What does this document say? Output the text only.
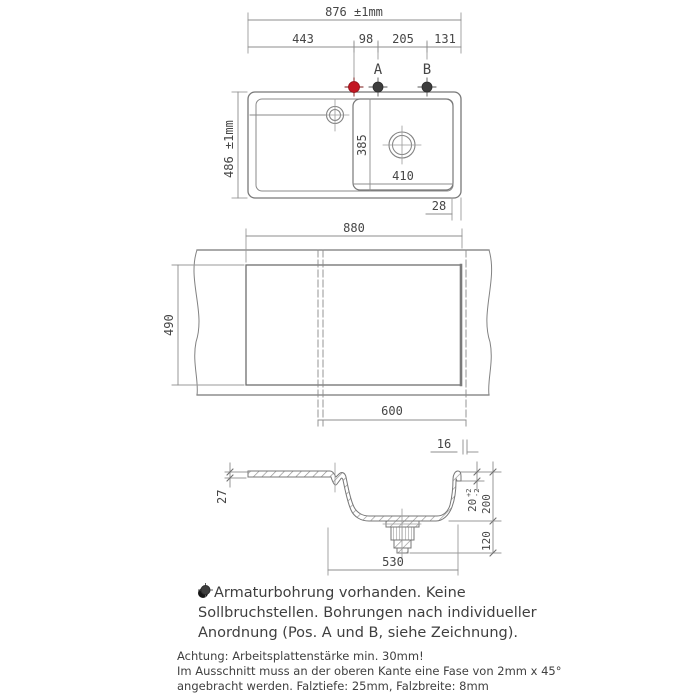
876 ±1mm
443	98 205 131
A	B
486 ±1mm	385
410
28
880
490
600
16
27
20
+2 -2
200
120
530
Armaturbohrung vorhanden. Keine
Sollbruchstellen. Bohrungen nach individueller
Anordnung (
Pos. A und B, siehe Zeichnung).
Achtung: Arbeitsplattenstärke min. 30mm!
Im Ausschnitt muss an der oberen Kante eine Fase von 2mm x 45°
angebracht werden. Falztiefe: 25mm, Falzbreite: 8mm
